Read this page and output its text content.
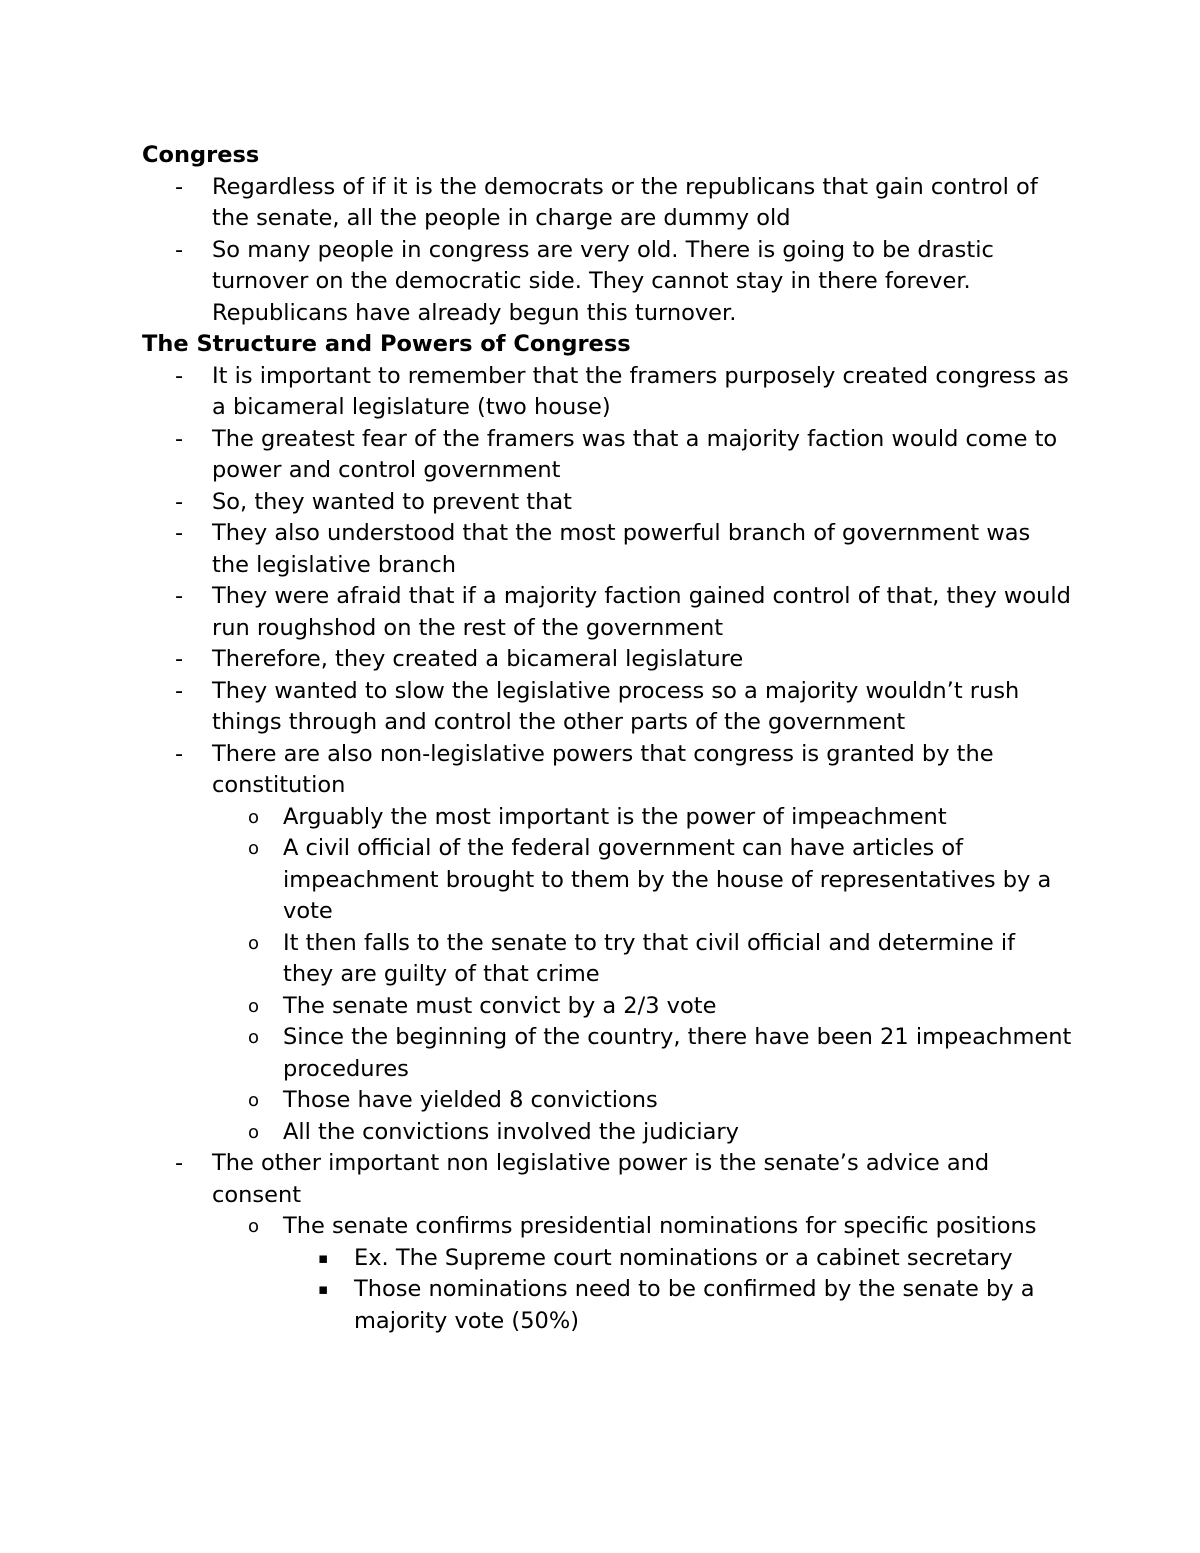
Congress
- Regardless of if it is the democrats or the republicans that gain control of the senate, all the people in charge are dummy old
- So many people in congress are very old. There is going to be drastic turnover on the democratic side. They cannot stay in there forever. Republicans have already begun this turnover.
The Structure and Powers of Congress
- It is important to remember that the framers purposely created congress as a bicameral legislature (two house)
- The greatest fear of the framers was that a majority faction would come to power and control government
- So, they wanted to prevent that
- They also understood that the most powerful branch of government was the legislative branch
- They were afraid that if a majority faction gained control of that, they would run roughshod on the rest of the government
- Therefore, they created a bicameral legislature
- They wanted to slow the legislative process so a majority wouldn’t rush things through and control the other parts of the government
- There are also non-legislative powers that congress is granted by the constitution
o Arguably the most important is the power of impeachment
o A civil official of the federal government can have articles of impeachment brought to them by the house of representatives by a vote
o It then falls to the senate to try that civil official and determine if they are guilty of that crime
o The senate must convict by a 2/3 vote
o Since the beginning of the country, there have been 21 impeachment procedures
o Those have yielded 8 convictions
o All the convictions involved the judiciary
- The other important non legislative power is the senate’s advice and consent
o The senate confirms presidential nominations for specific positions
▪ Ex. The Supreme court nominations or a cabinet secretary
▪ Those nominations need to be confirmed by the senate by a majority vote (50%)
